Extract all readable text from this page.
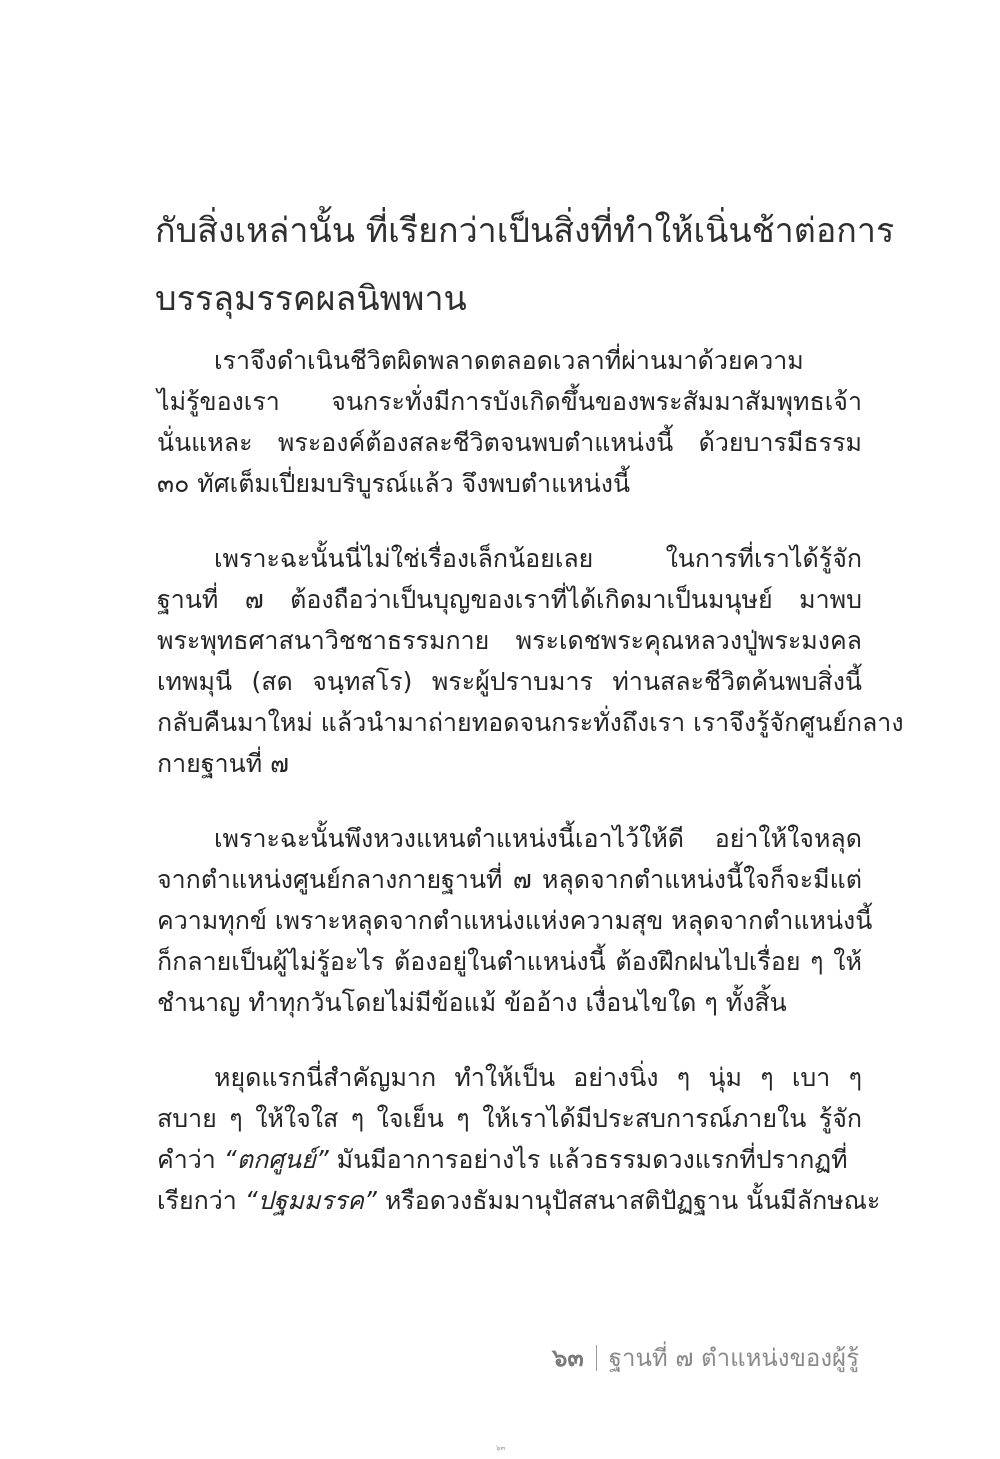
กับสิ่งเหล่านั้น ที่เรียกว่าเป็นสิ่งที่ทำให้เนิ่นช้าต่อการ
บรรลุมรรคผลนิพพาน
เราจึงดำเนินชีวิตผิดพลาดตลอดเวลาที่ผ่านมาด้วยความ
ไม่รู้ของเรา จนกระทั่งมีการบังเกิดขึ้นของพระสัมมาสัมพุทธเจ้า
นั่นแหละ พระองค์ต้องสละชีวิตจนพบตำแหน่งนี้ ด้วยบารมีธรรม
๓๐ ทัศเต็มเปี่ยมบริบูรณ์แล้ว จึงพบตำแหน่งนี้
เพราะฉะนั้นนี่ไม่ใช่เรื่องเล็กน้อยเลย ในการที่เราได้รู้จัก
ฐานที่ ๗ ต้องถือว่าเป็นบุญของเราที่ได้เกิดมาเป็นมนุษย์ มาพบ
พระพุทธศาสนาวิชชาธรรมกาย พระเดชพระคุณหลวงปู่พระมงคล
เทพมุนี (สด จนฺทสโร) พระผู้ปราบมาร ท่านสละชีวิตค้นพบสิ่งนี้
กลับคืนมาใหม่ แล้วนำมาถ่ายทอดจนกระทั่งถึงเรา เราจึงรู้จักศูนย์กลาง
กายฐานที่ ๗
เพราะฉะนั้นพึงหวงแหนตำแหน่งนี้เอาไว้ให้ดี อย่าให้ใจหลุด
จากตำแหน่งศูนย์กลางกายฐานที่ ๗ หลุดจากตำแหน่งนี้ใจก็จะมีแต่
ความทุกข์ เพราะหลุดจากตำแหน่งแห่งความสุข หลุดจากตำแหน่งนี้
ก็กลายเป็นผู้ไม่รู้อะไร ต้องอยู่ในตำแหน่งนี้ ต้องฝึกฝนไปเรื่อย ๆ ให้
ชำนาญ ทำทุกวันโดยไม่มีข้อแม้ ข้ออ้าง เงื่อนไขใด ๆ ทั้งสิ้น
หยุดแรกนี่สำคัญมาก ทำให้เป็น อย่างนิ่ง ๆ นุ่ม ๆ เบา ๆ
สบาย ๆ ให้ใจใส ๆ ใจเย็น ๆ ให้เราได้มีประสบการณ์ภายใน รู้จัก
คำว่า “ตกศูนย์” มันมีอาการอย่างไร แล้วธรรมดวงแรกที่ปรากฏที่
เรียกว่า “ปฐมมรรค” หรือดวงธัมมานุปัสสนาสติปัฏฐาน นั้นมีลักษณะ
๖๓ ฐานที่ ๗ ตำแหน่งของผู้รู้
๖๓
